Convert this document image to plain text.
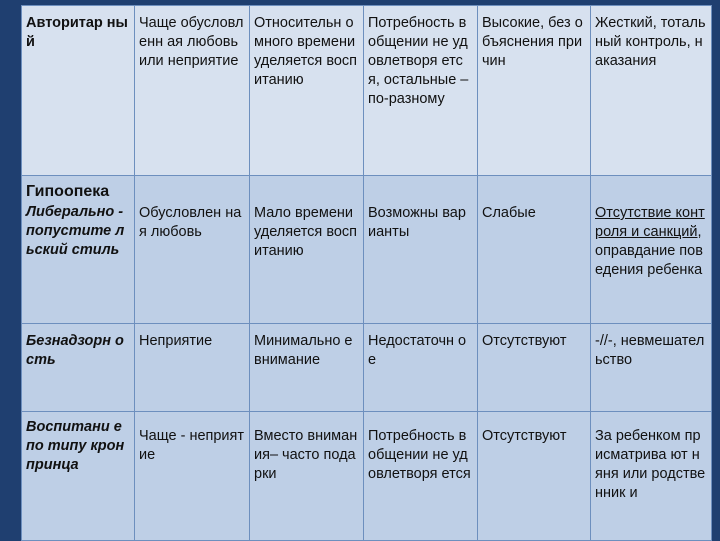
Авторитар ный	Чаще обусловленн ая любовь или неприятие	Относительн о много времени уделяется воспитанию	Потребность в общении не удовлетворя ется, остальные – по-разному	Высокие, без объяснения причин	Жесткий, тотальный контроль, наказания

Гипоопека
Либерально - попустите льский стиль	Обусловлен ная любовь	Мало времени уделяется воспитанию	Возможны варианты	Слабые	Отсутствие контроля и санкций, оправдание поведения ребенка
Безнадзорн ость	Неприятие	Минимально е внимание	Недостаточн ое	Отсутствуют	-//-, невмешател ьство
Воспитани е по типу кронпринца	Чаще - неприятие	Вместо внимания– часто подарки	Потребность в общении не удовлетворя ется	Отсутствуют	За ребенком присматрива ют няня или родственник и
